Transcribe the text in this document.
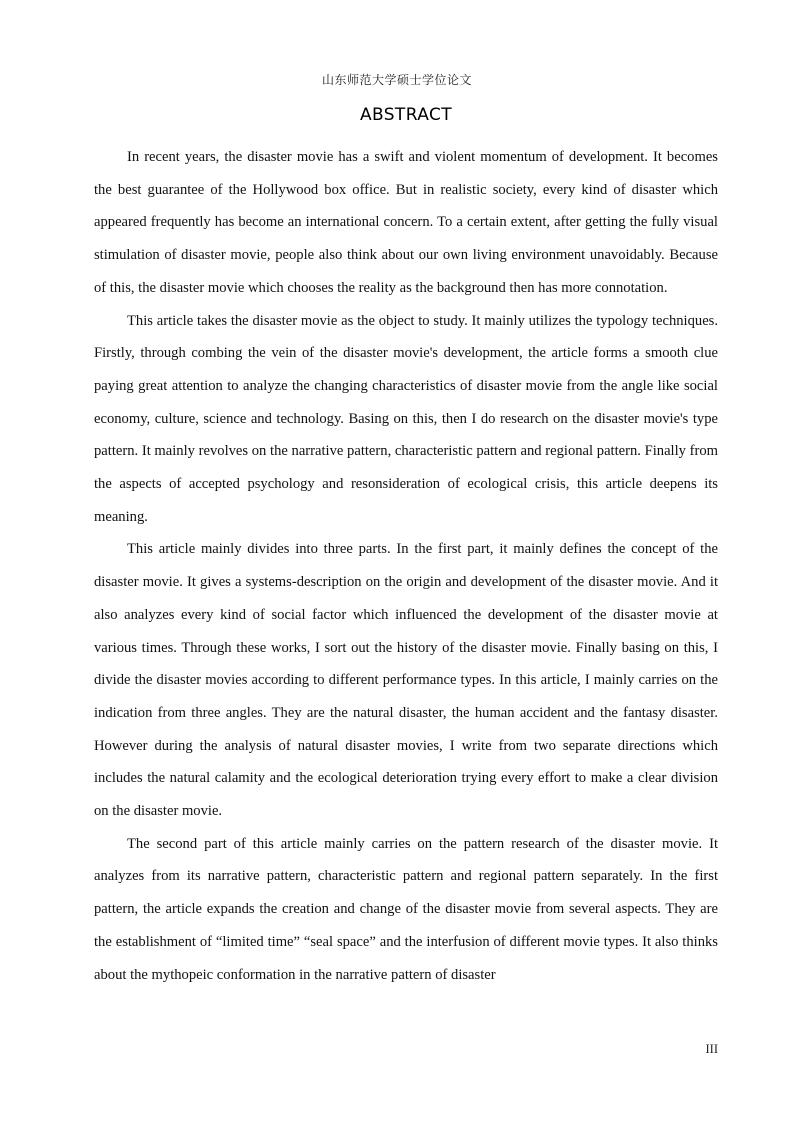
山东师范大学硕士学位论文
ABSTRACT

In recent years, the disaster movie has a swift and violent momentum of development. It becomes the best guarantee of the Hollywood box office. But in realistic society, every kind of disaster which appeared frequently has become an international concern. To a certain extent, after getting the fully visual stimulation of disaster movie, people also think about our own living environment unavoidably. Because of this, the disaster movie which chooses the reality as the background then has more connotation.

This article takes the disaster movie as the object to study. It mainly utilizes the typology techniques. Firstly, through combing the vein of the disaster movie's development, the article forms a smooth clue paying great attention to analyze the changing characteristics of disaster movie from the angle like social economy, culture, science and technology. Basing on this, then I do research on the disaster movie's type pattern. It mainly revolves on the narrative pattern, characteristic pattern and regional pattern. Finally from the aspects of accepted psychology and resonsideration of ecological crisis, this article deepens its meaning.

This article mainly divides into three parts. In the first part, it mainly defines the concept of the disaster movie. It gives a systems-description on the origin and development of the disaster movie. And it also analyzes every kind of social factor which influenced the development of the disaster movie at various times. Through these works, I sort out the history of the disaster movie. Finally basing on this, I divide the disaster movies according to different performance types. In this article, I mainly carries on the indication from three angles. They are the natural disaster, the human accident and the fantasy disaster. However during the analysis of natural disaster movies, I write from two separate directions which includes the natural calamity and the ecological deterioration trying every effort to make a clear division on the disaster movie.

The second part of this article mainly carries on the pattern research of the disaster movie. It analyzes from its narrative pattern, characteristic pattern and regional pattern separately. In the first pattern, the article expands the creation and change of the disaster movie from several aspects. They are the establishment of “limited time” “seal space” and the interfusion of different movie types. It also thinks about the mythopeic conformation in the narrative pattern of disaster

III
